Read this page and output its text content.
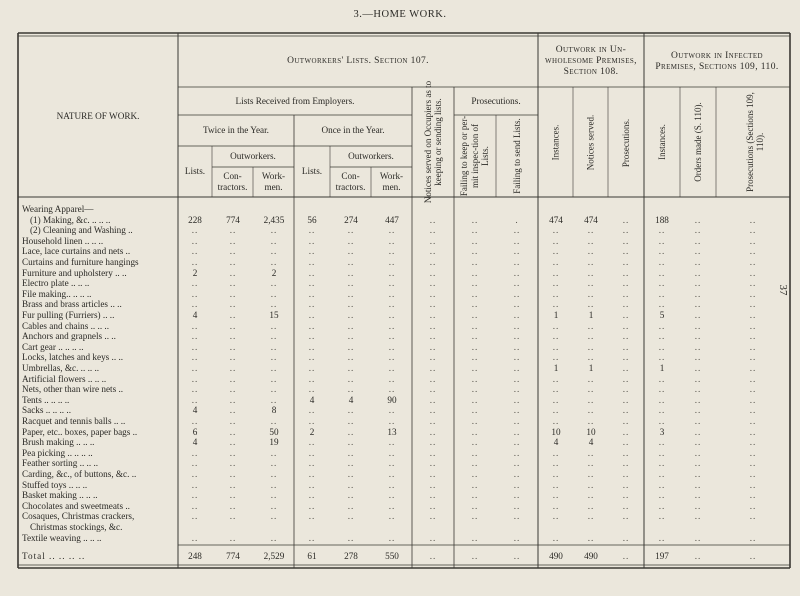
3.—HOME WORK.
37
NATURE OF WORK.
Outworkers' Lists. Section 107.
Outwork in Un-wholesome Premises, Section 108.
Outwork in Infected Premises, Sections 109, 110.
Lists Received from Employers.	Prosecutions.
Twice in the Year.	Once in the Year.
Lists.
Outworkers.
Con-tractors.
Work-men.
Lists.
Outworkers.
Con-tractors.
Work-men.	Notices served on Occupiers as to keeping or sending lists.	Failing to keep or per-mit inspec-tion of Lists.	Failing to send Lists.	Instances.	Notices served.	Prosecutions.	Instances.	Orders made (S. 110).	Prosecutions (Sections 109, 110).
Wearing Apparel—
(1) Making, &c. .. .. ..	228	774	2,435	56	274	447	..	..	.	474	474	..	188	..	..
(2) Cleaning and Washing ..	..	..	..	..	..	..	..	..	..	..	..	..	..	..	..
Household linen .. .. ..	..	..	..	..	..	..	..	..	..	..	..	..	..	..	..
Lace, lace curtains and nets ..	..	..	..	..	..	..	..	..	..	..	..	..	..	..	..
Curtains and furniture hangings	..	..	..	..	..	..	..	..	..	..	..	..	..	..	..
Furniture and upholstery .. ..	2	..	2	..	..	..	..	..	..	..	..	..	..	..	..
Electro plate .. .. ..	..	..	..	..	..	..	..	..	..	..	..	..	..	..	..
File making.. .. .. ..	..	..	..	..	..	..	..	..	..	..	..	..	..	..	..
Brass and brass articles .. ..	..	..	..	..	..	..	..	..	..	..	..	..	..	..	..
Fur pulling (Furriers) .. ..	4	..	15	..	..	..	..	..	..	1	1	..	5	..	..
Cables and chains .. .. ..	..	..	..	..	..	..	..	..	..	..	..	..	..	..	..
Anchors and grapnels .. ..	..	..	..	..	..	..	..	..	..	..	..	..	..	..	..
Cart gear .. .. .. ..	..	..	..	..	..	..	..	..	..	..	..	..	..	..	..
Locks, latches and keys .. ..	..	..	..	..	..	..	..	..	..	..	..	..	..	..	..
Umbrellas, &c. .. .. ..	..	..	..	..	..	..	..	..	..	1	1	..	1	..	..
Artificial flowers .. .. ..	..	..	..	..	..	..	..	..	..	..	..	..	..	..	..
Nets, other than wire nets ..	..	..	..	..	..	..	..	..	..	..	..	..	..	..	..
Tents .. .. .. ..	..	..	..	4	4	90	..	..	..	..	..	..	..	..	..
Sacks .. .. .. ..	4	..	8	..	..	..	..	..	..	..	..	..	..	..	..
Racquet and tennis balls .. ..	..	..	..	..	..	..	..	..	..	..	..	..	..	..	..
Paper, etc.. boxes, paper bags ..	6	..	50	2	..	13	..	..	..	10	10	..	3	..	..
Brush making .. .. ..	4	..	19	..	..	..	..	..	..	4	4	..	..	..	..
Pea picking .. .. .. ..	..	..	..	..	..	..	..	..	..	..	..	..	..	..	..
Feather sorting .. .. ..	..	..	..	..	..	..	..	..	..	..	..	..	..	..	..
Carding, &c., of buttons, &c. ..	..	..	..	..	..	..	..	..	..	..	..	..	..	..	..
Stuffed toys .. .. ..	..	..	..	..	..	..	..	..	..	..	..	..	..	..	..
Basket making .. .. ..	..	..	..	..	..	..	..	..	..	..	..	..	..	..	..
Chocolates and sweetmeats ..	..	..	..	..	..	..	..	..	..	..	..	..	..	..	..
Cosaques, Christmas crackers,	..	..	..	..	..	..	..	..	..	..	..	..	..	..	..
Christmas stockings, &c.
Textile weaving .. .. ..	..	..	..	..	..	..	..	..	..	..	..	..	..	..	..
Total .. .. .. ..	248	774	2,529	61	278	550	..	..	..	490	490	..	197	..	..
